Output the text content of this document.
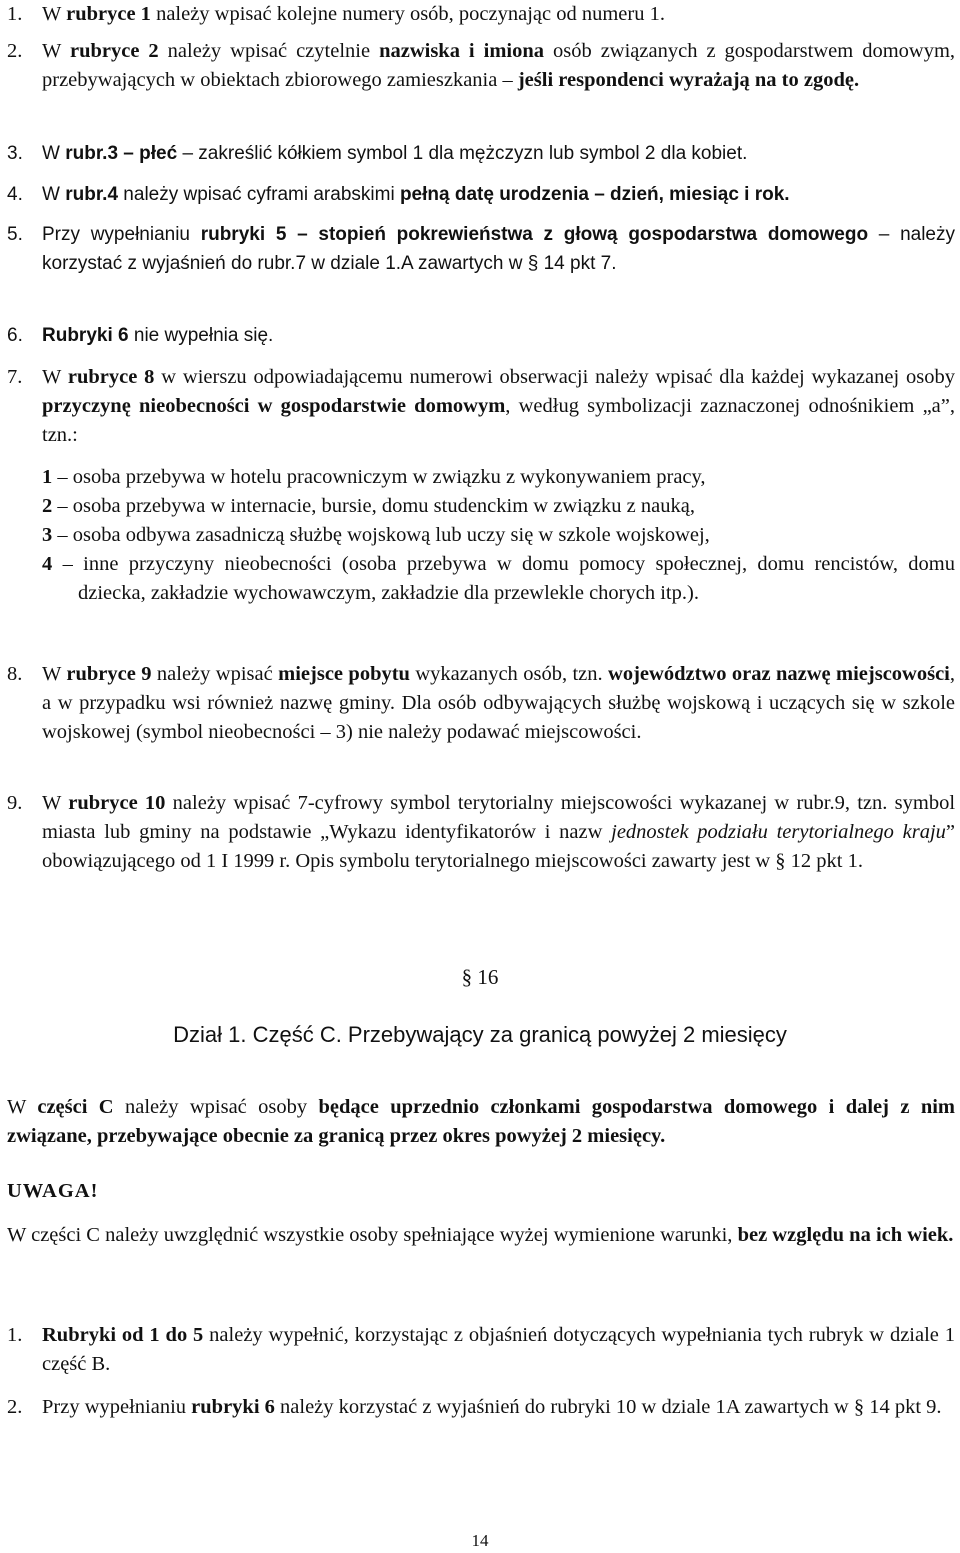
1. W rubryce 1 należy wpisać kolejne numery osób, poczynając od numeru 1.
2. W rubryce 2 należy wpisać czytelnie nazwiska i imiona osób związanych z gospodarstwem domowym, przebywających w obiektach zbiorowego zamieszkania – jeśli respondenci wyrażają na to zgodę.
3. W rubr.3 – płeć – zakreślić kółkiem symbol 1 dla mężczyzn lub symbol 2 dla kobiet.
4. W rubr.4 należy wpisać cyframi arabskimi pełną datę urodzenia – dzień, miesiąc i rok.
5. Przy wypełnianiu rubryki 5 – stopień pokrewieństwa z głową gospodarstwa domowego – należy korzystać z wyjaśnień do rubr.7 w dziale 1.A zawartych w § 14 pkt 7.
6. Rubryki 6 nie wypełnia się.
7. W rubryce 8 w wierszu odpowiadającemu numerowi obserwacji należy wpisać dla każdej wykazanej osoby przyczynę nieobecności w gospodarstwie domowym, według symbolizacji zaznaczonej odnośnikiem „a”, tzn.:
1 – osoba przebywa w hotelu pracowniczym w związku z wykonywaniem pracy,
2 – osoba przebywa w internacie, bursie, domu studenckim w związku z nauką,
3 – osoba odbywa zasadniczą służbę wojskową lub uczy się w szkole wojskowej,
4 – inne przyczyny nieobecności (osoba przebywa w domu pomocy społecznej, domu rencistów, domu dziecka, zakładzie wychowawczym, zakładzie dla przewlekle chorych itp.).
8. W rubryce 9 należy wpisać miejsce pobytu wykazanych osób, tzn. województwo oraz nazwę miejscowości, a w przypadku wsi również nazwę gminy. Dla osób odbywających służbę wojskową i uczących się w szkole wojskowej (symbol nieobecności – 3) nie należy podawać miejscowości.
9. W rubryce 10 należy wpisać 7-cyfrowy symbol terytorialny miejscowości wykazanej w rubr.9, tzn. symbol miasta lub gminy na podstawie „Wykazu identyfikatorów i nazw jednostek podziału terytorialnego kraju” obowiązującego od 1 I 1999 r. Opis symbolu terytorialnego miejscowości zawarty jest w § 12 pkt 1.
§ 16
Dział 1. Część C. Przebywający za granicą powyżej 2 miesięcy
W części C należy wpisać osoby będące uprzednio członkami gospodarstwa domowego i dalej z nim związane, przebywające obecnie za granicą przez okres powyżej 2 miesięcy.
UWAGA!
W części C należy uwzględnić wszystkie osoby spełniające wyżej wymienione warunki, bez względu na ich wiek.
1. Rubryki od 1 do 5 należy wypełnić, korzystając z objaśnień dotyczących wypełniania tych rubryk w dziale 1 część B.
2. Przy wypełnianiu rubryki 6 należy korzystać z wyjaśnień do rubryki 10 w dziale 1A zawartych w § 14 pkt 9.
14
